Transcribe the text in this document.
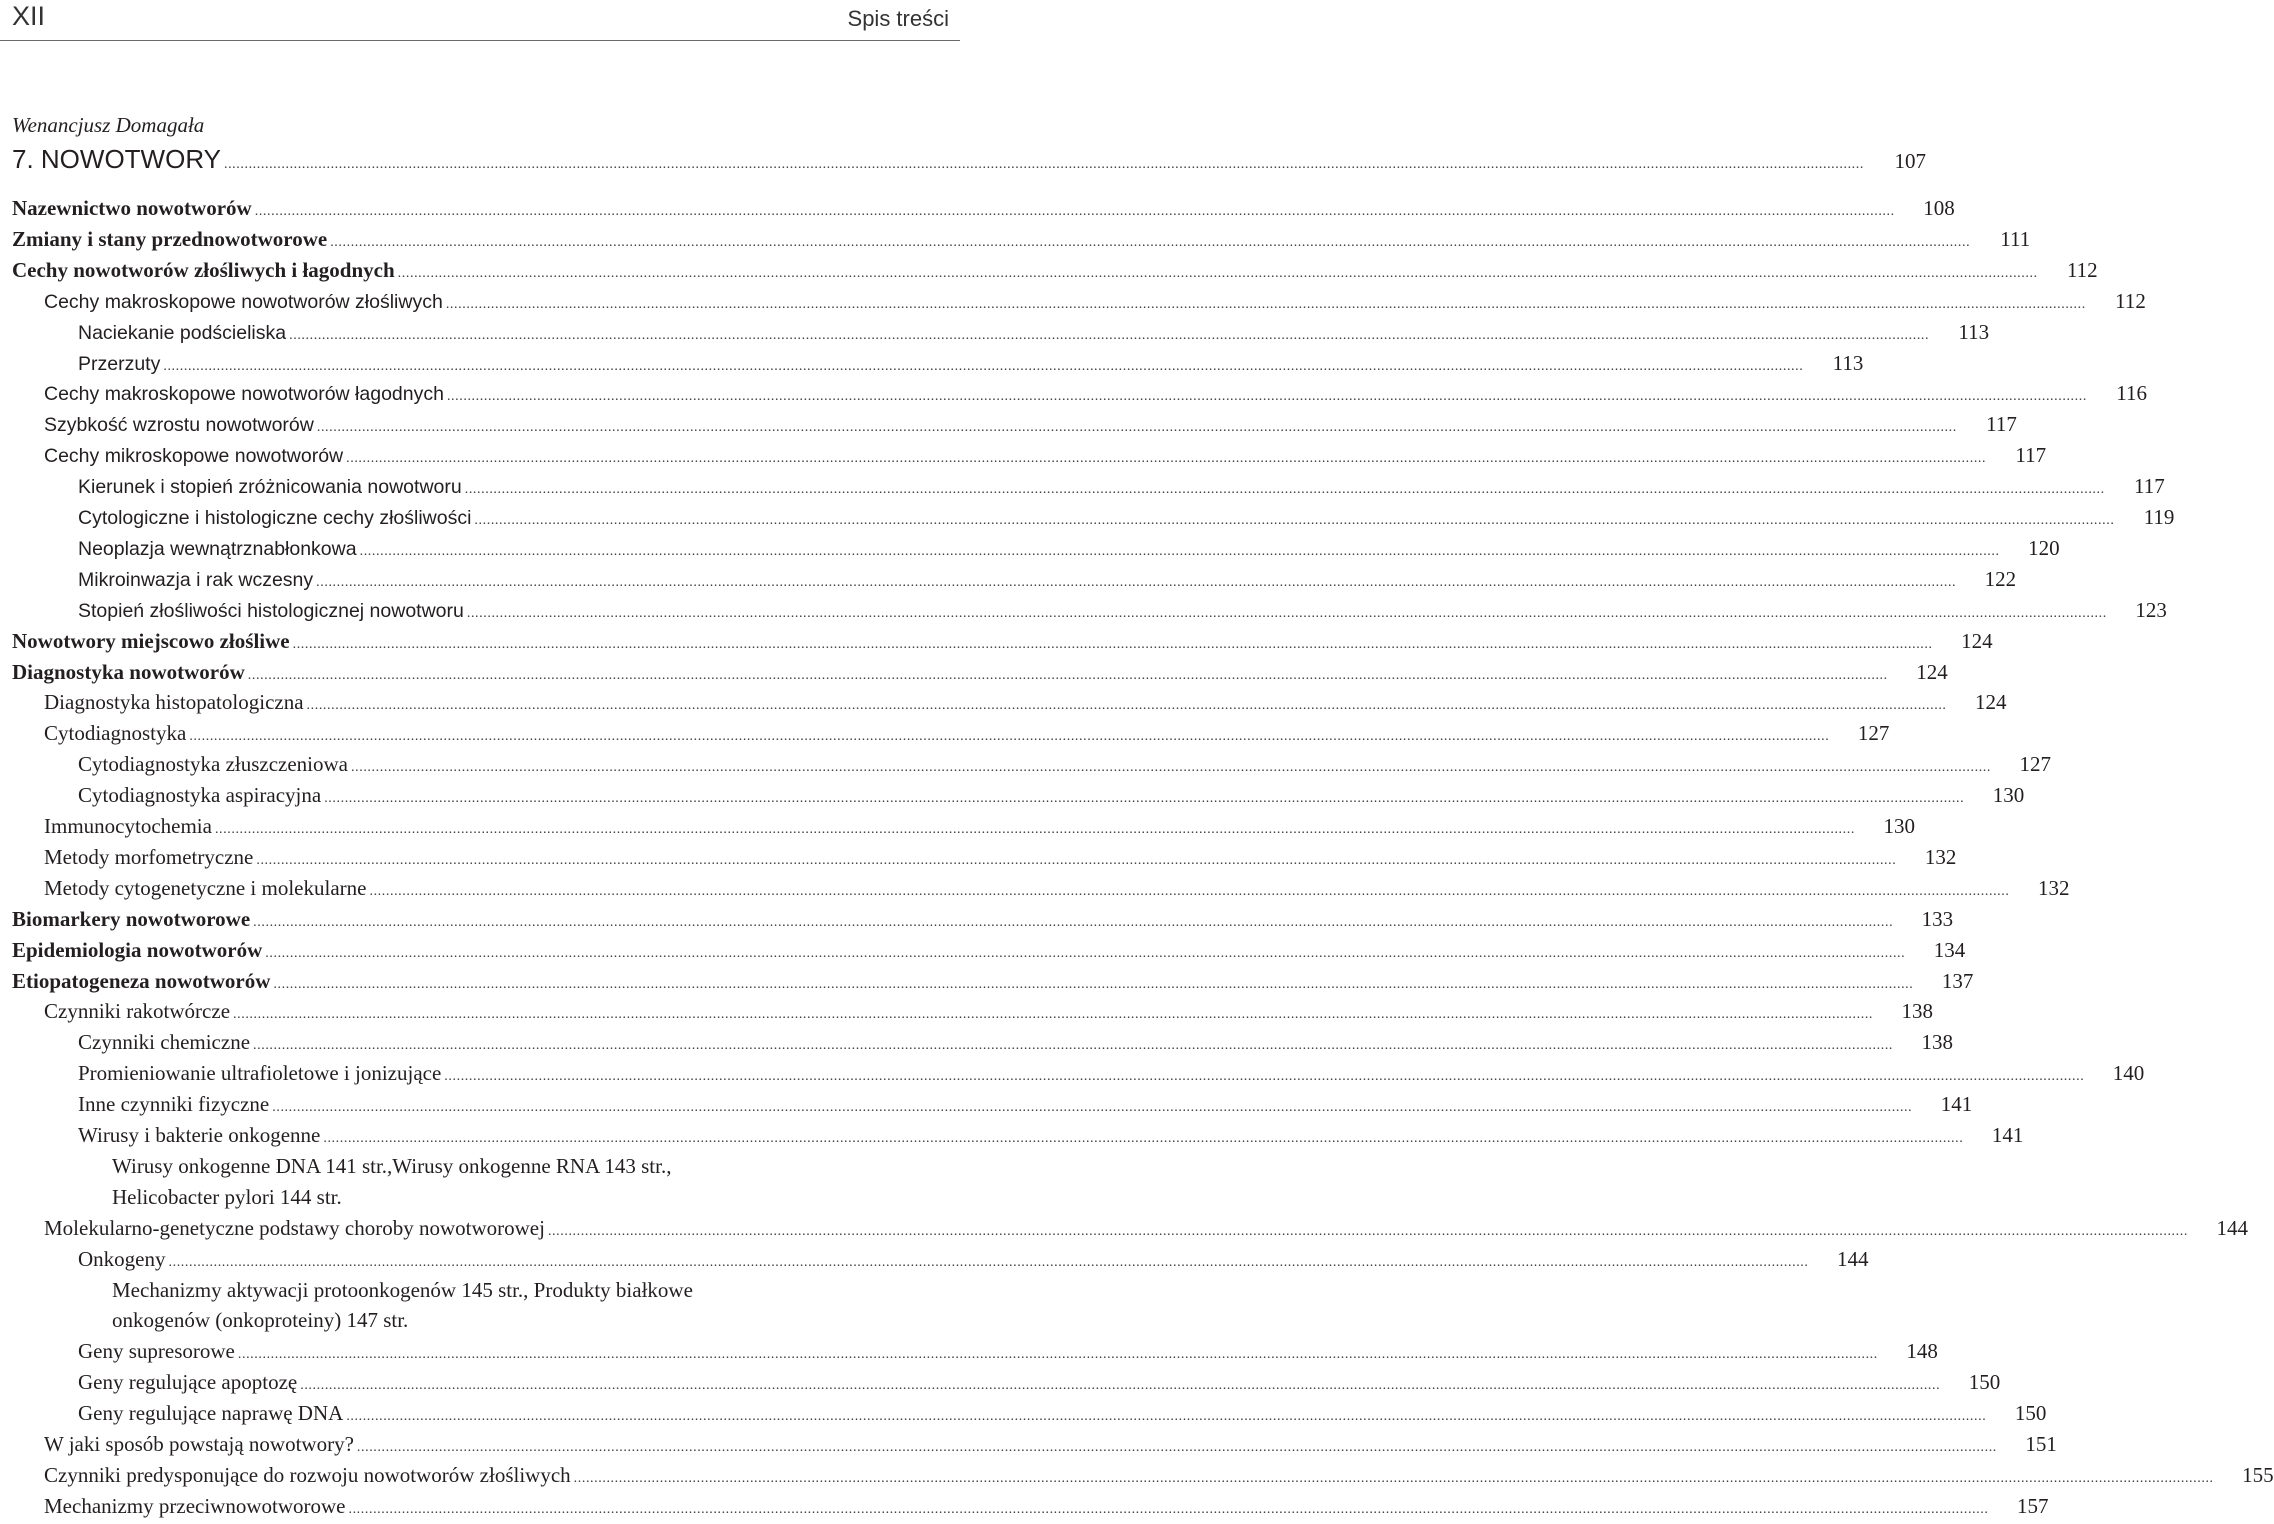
XII	Spis treści
Wenancjusz Domagała
7. NOWOTWORY ................................................................................................................................................................................................................................................................................................................................................................................................................	107
Nazewnictwo nowotworów ................................................................................................................................................................................................................................................................................................................................................................................................................	108
Zmiany i stany przednowotworowe ................................................................................................................................................................................................................................................................................................................................................................................................................	111
Cechy nowotworów złośliwych i łagodnych ................................................................................................................................................................................................................................................................................................................................................................................................................	112
Cechy makroskopowe nowotworów złośliwych ................................................................................................................................................................................................................................................................................................................................................................................................................	112
Naciekanie podścieliska ................................................................................................................................................................................................................................................................................................................................................................................................................	113
Przerzuty ................................................................................................................................................................................................................................................................................................................................................................................................................	113
Cechy makroskopowe nowotworów łagodnych ................................................................................................................................................................................................................................................................................................................................................................................................................	116
Szybkość wzrostu nowotworów ................................................................................................................................................................................................................................................................................................................................................................................................................	117
Cechy mikroskopowe nowotworów ................................................................................................................................................................................................................................................................................................................................................................................................................	117
Kierunek i stopień zróżnicowania nowotworu ................................................................................................................................................................................................................................................................................................................................................................................................................	117
Cytologiczne i histologiczne cechy złośliwości ................................................................................................................................................................................................................................................................................................................................................................................................................	119
Neoplazja wewnątrznabłonkowa ................................................................................................................................................................................................................................................................................................................................................................................................................	120
Mikroinwazja i rak wczesny ................................................................................................................................................................................................................................................................................................................................................................................................................	122
Stopień złośliwości histologicznej nowotworu ................................................................................................................................................................................................................................................................................................................................................................................................................	123
Nowotwory miejscowo złośliwe ................................................................................................................................................................................................................................................................................................................................................................................................................	124
Diagnostyka nowotworów ................................................................................................................................................................................................................................................................................................................................................................................................................	124
Diagnostyka histopatologiczna ................................................................................................................................................................................................................................................................................................................................................................................................................	124
Cytodiagnostyka ................................................................................................................................................................................................................................................................................................................................................................................................................	127
Cytodiagnostyka złuszczeniowa ................................................................................................................................................................................................................................................................................................................................................................................................................	127
Cytodiagnostyka aspiracyjna ................................................................................................................................................................................................................................................................................................................................................................................................................	130
Immunocytochemia ................................................................................................................................................................................................................................................................................................................................................................................................................	130
Metody morfometryczne ................................................................................................................................................................................................................................................................................................................................................................................................................	132
Metody cytogenetyczne i molekularne ................................................................................................................................................................................................................................................................................................................................................................................................................	132
Biomarkery nowotworowe ................................................................................................................................................................................................................................................................................................................................................................................................................	133
Epidemiologia nowotworów ................................................................................................................................................................................................................................................................................................................................................................................................................	134
Etiopatogeneza nowotworów ................................................................................................................................................................................................................................................................................................................................................................................................................	137
Czynniki rakotwórcze ................................................................................................................................................................................................................................................................................................................................................................................................................	138
Czynniki chemiczne ................................................................................................................................................................................................................................................................................................................................................................................................................	138
Promieniowanie ultrafioletowe i jonizujące ................................................................................................................................................................................................................................................................................................................................................................................................................	140
Inne czynniki fizyczne ................................................................................................................................................................................................................................................................................................................................................................................................................	141
Wirusy i bakterie onkogenne ................................................................................................................................................................................................................................................................................................................................................................................................................	141
Wirusy onkogenne DNA 141 str.,Wirusy onkogenne RNA 143 str.,
Helicobacter pylori 144 str.
Molekularno-genetyczne podstawy choroby nowotworowej ................................................................................................................................................................................................................................................................................................................................................................................................................	144
Onkogeny ................................................................................................................................................................................................................................................................................................................................................................................................................	144
Mechanizmy aktywacji protoonkogenów 145 str., Produkty białkowe
onkogenów (onkoproteiny) 147 str.
Geny supresorowe ................................................................................................................................................................................................................................................................................................................................................................................................................	148
Geny regulujące apoptozę ................................................................................................................................................................................................................................................................................................................................................................................................................	150
Geny regulujące naprawę DNA ................................................................................................................................................................................................................................................................................................................................................................................................................	150
W jaki sposób powstają nowotwory? ................................................................................................................................................................................................................................................................................................................................................................................................................	151
Czynniki predysponujące do rozwoju nowotworów złośliwych ................................................................................................................................................................................................................................................................................................................................................................................................................	155
Mechanizmy przeciwnowotworowe ................................................................................................................................................................................................................................................................................................................................................................................................................	157
